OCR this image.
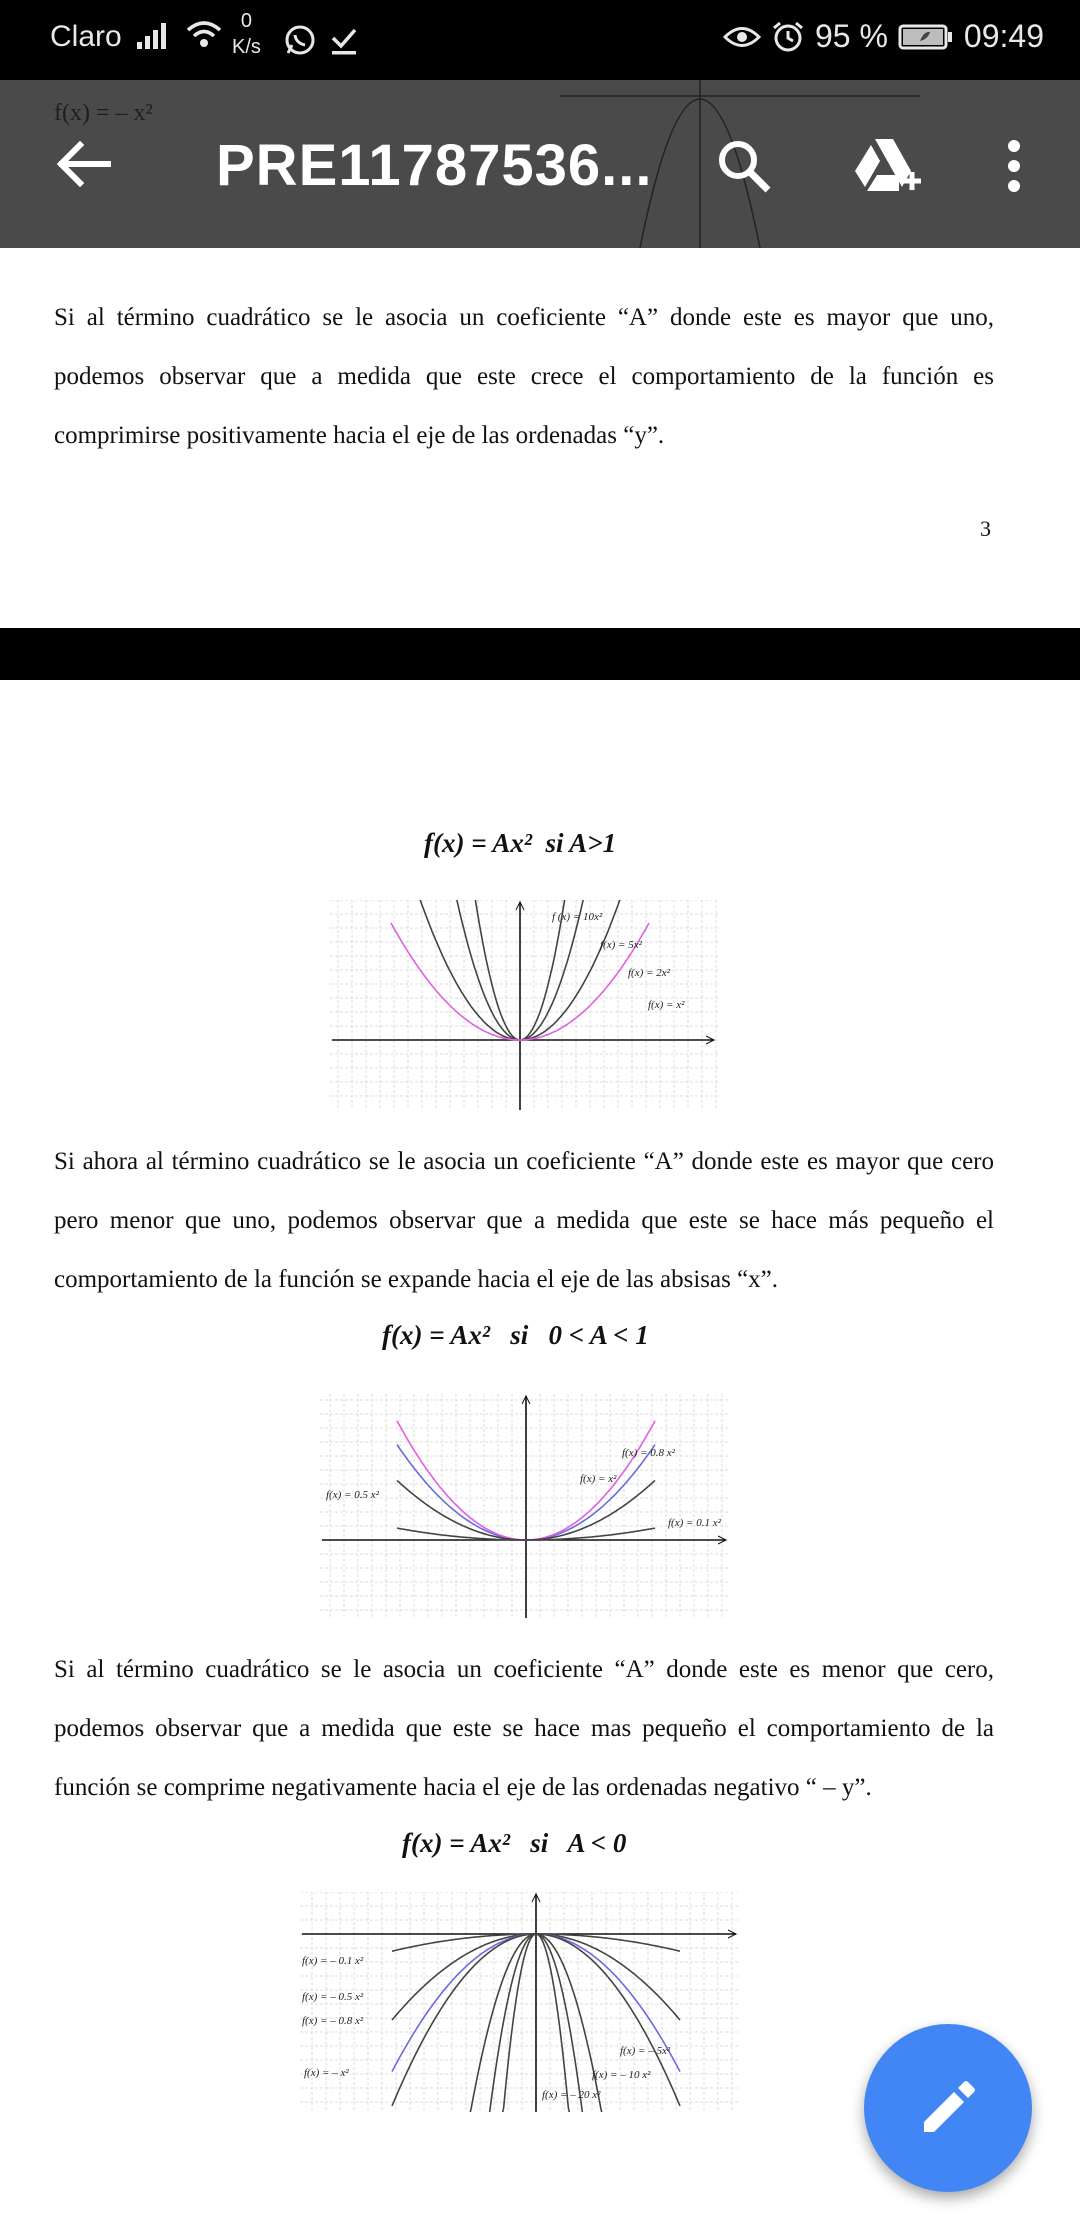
Claro	0
K/s	95 % 09:49
f(x) = – x²
PRE11787536...
Si al término cuadrático se le asocia un coeficiente “A” donde este es mayor que uno, podemos observar que a medida que este crece el comportamiento de la función es comprimirse positivamente hacia el eje de las ordenadas “y”.
3
f(x) = Ax²  si A>1
f (x) = 10x²
f(x) = 5x²
f(x) = 2x²
f(x) = x²
Si ahora al término cuadrático se le asocia un coeficiente “A” donde este es mayor que cero pero menor que uno, podemos observar que a medida que este se hace más pequeño el comportamiento de la función se expande hacia el eje de las absisas “x”.
f(x) = Ax²   si   0 < A < 1
f(x) = 0.8 x²
f(x) = x²
f(x) = 0.5 x²
f(x) = 0.1 x²
Si al término cuadrático se le asocia un coeficiente “A” donde este es menor que cero, podemos observar que a medida que este se hace mas pequeño el comportamiento de la función se comprime negativamente hacia el eje de las ordenadas negativo “ – y”.
f(x) = Ax²   si   A < 0
f(x) = – 0.1 x²
f(x) = – 0.5 x²
f(x) = – 0.8 x²
f(x) = – x²
f(x) = – 5x²
f(x) = – 10 x²
f(x) = – 20 x²
